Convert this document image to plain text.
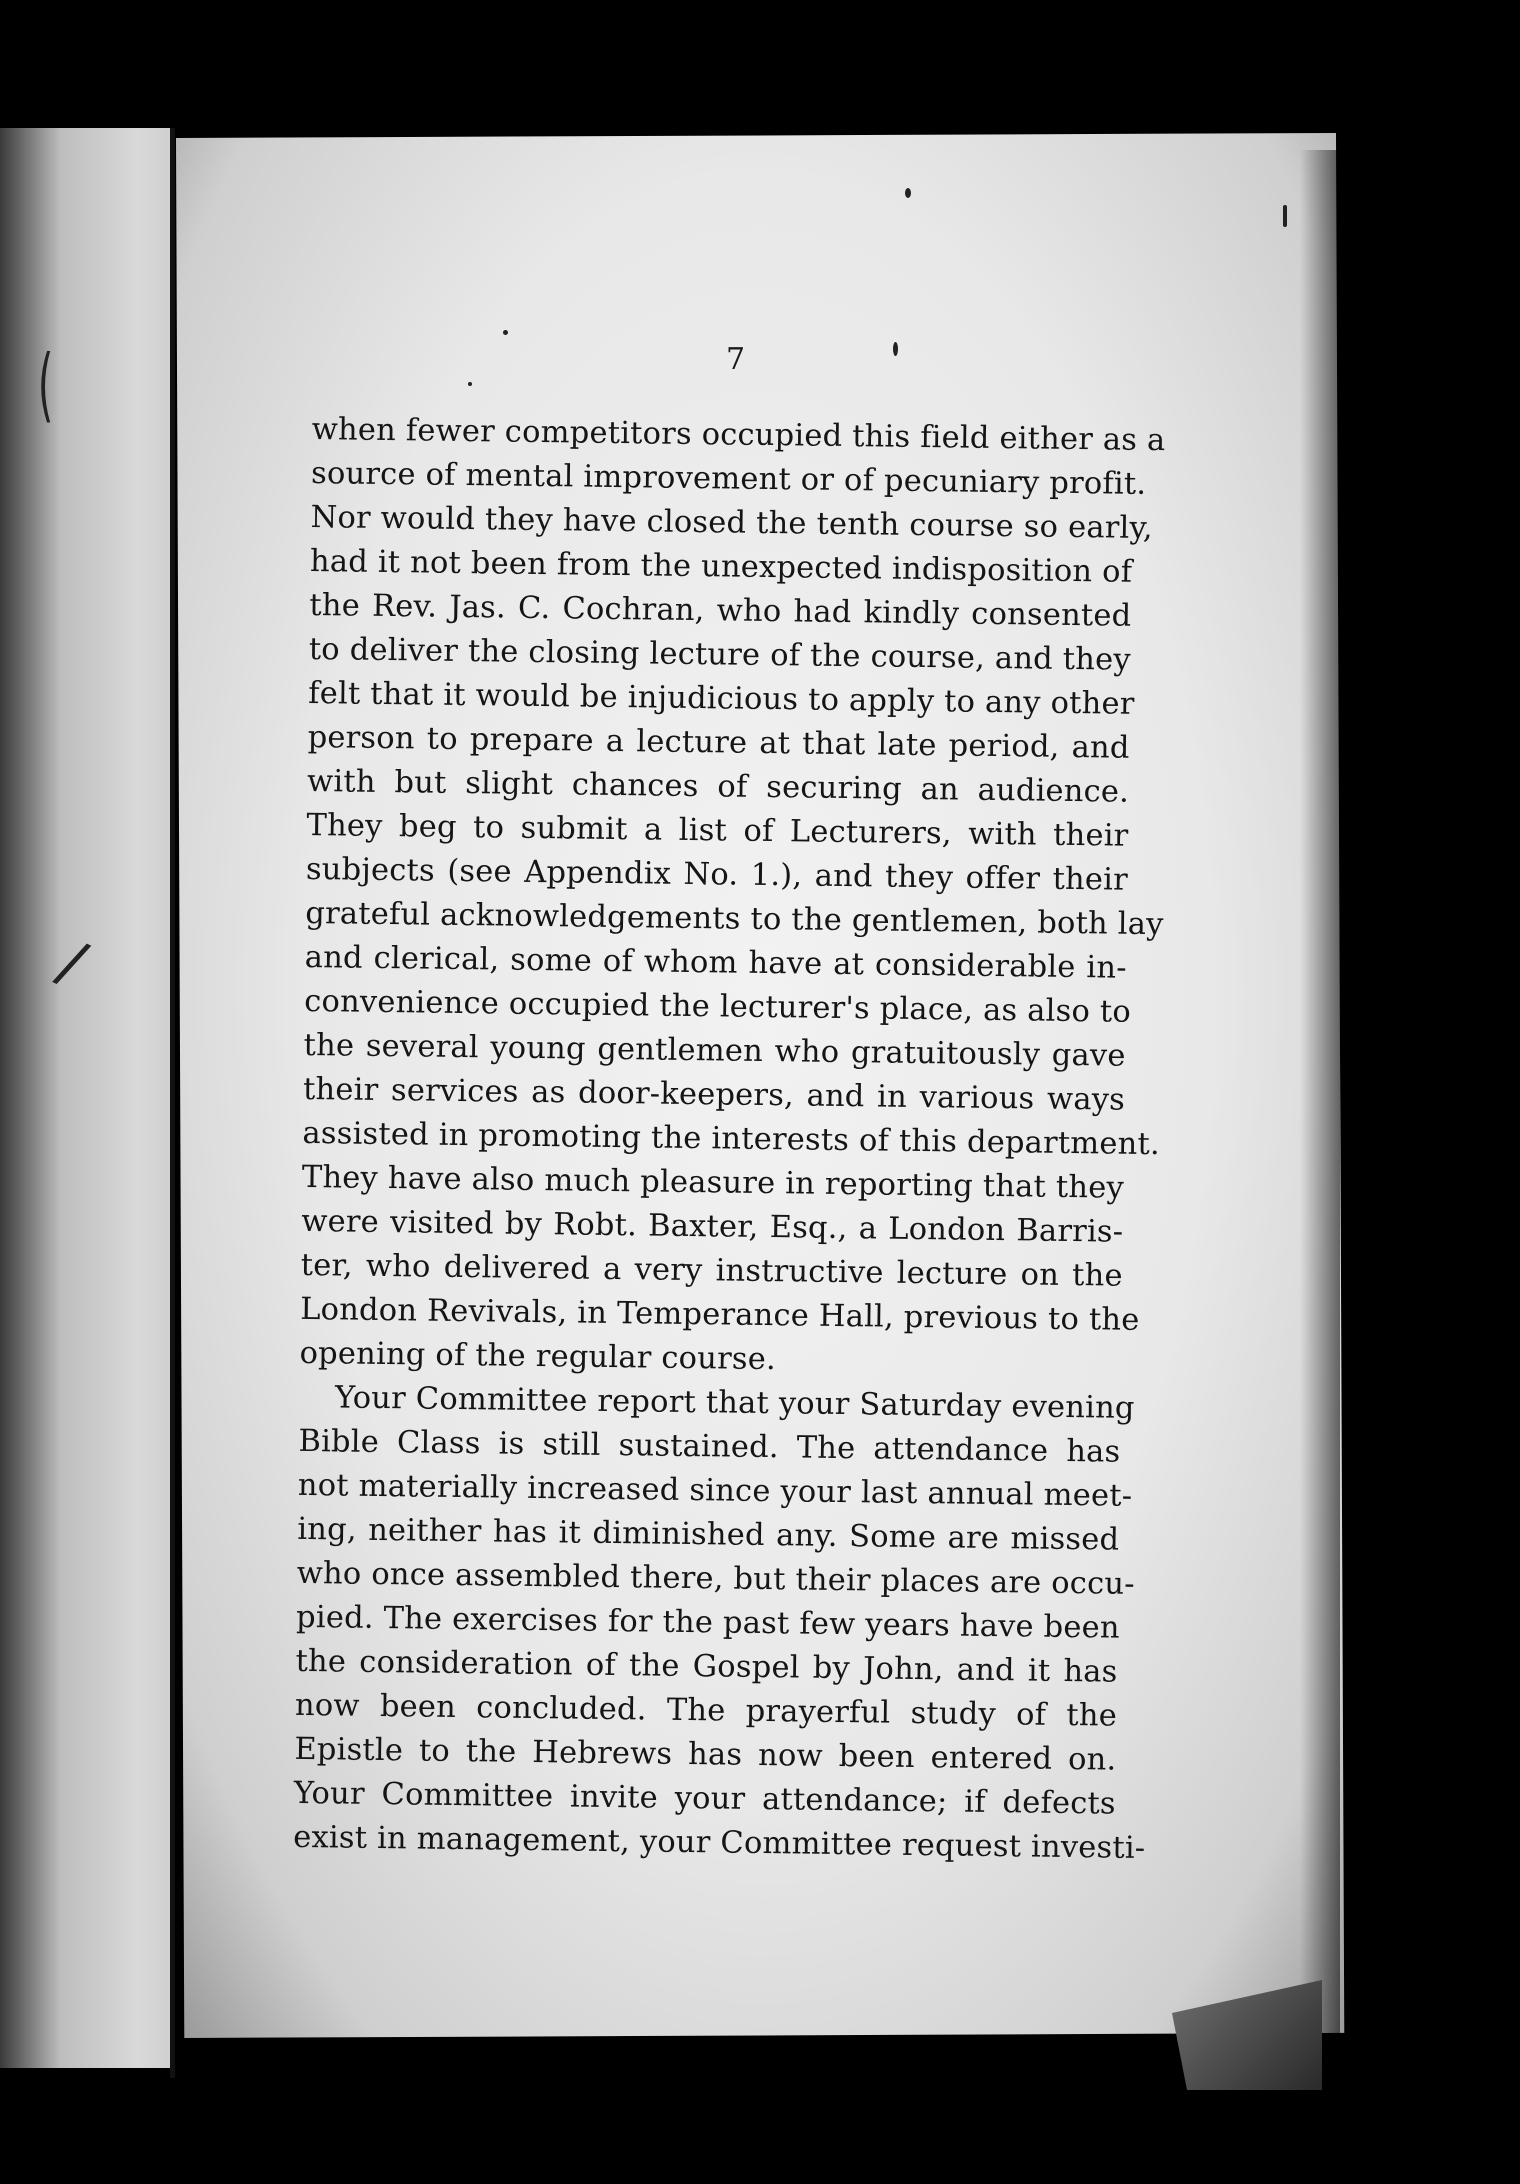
(
/
7
when fewer competitors occupied this field either as a
source of mental improvement or of pecuniary profit.
Nor would they have closed the tenth course so early,
had it not been from the unexpected indisposition of
the Rev. Jas. C. Cochran, who had kindly consented
to deliver the closing lecture of the course, and they
felt that it would be injudicious to apply to any other
person to prepare a lecture at that late period, and
with but slight chances of securing an audience.
They beg to submit a list of Lecturers, with their
subjects (see Appendix No. 1.), and they offer their
grateful acknowledgements to the gentlemen, both lay
and clerical, some of whom have at considerable in-
convenience occupied the lecturer's place, as also to
the several young gentlemen who gratuitously gave
their services as door-keepers, and in various ways
assisted in promoting the interests of this department.
They have also much pleasure in reporting that they
were visited by Robt. Baxter, Esq., a London Barris-
ter, who delivered a very instructive lecture on the
London Revivals, in Temperance Hall, previous to the
opening of the regular course.
Your Committee report that your Saturday evening
Bible Class is still sustained. The attendance has
not materially increased since your last annual meet-
ing, neither has it diminished any. Some are missed
who once assembled there, but their places are occu-
pied. The exercises for the past few years have been
the consideration of the Gospel by John, and it has
now been concluded. The prayerful study of the
Epistle to the Hebrews has now been entered on.
Your Committee invite your attendance; if defects
exist in management, your Committee request investi-
